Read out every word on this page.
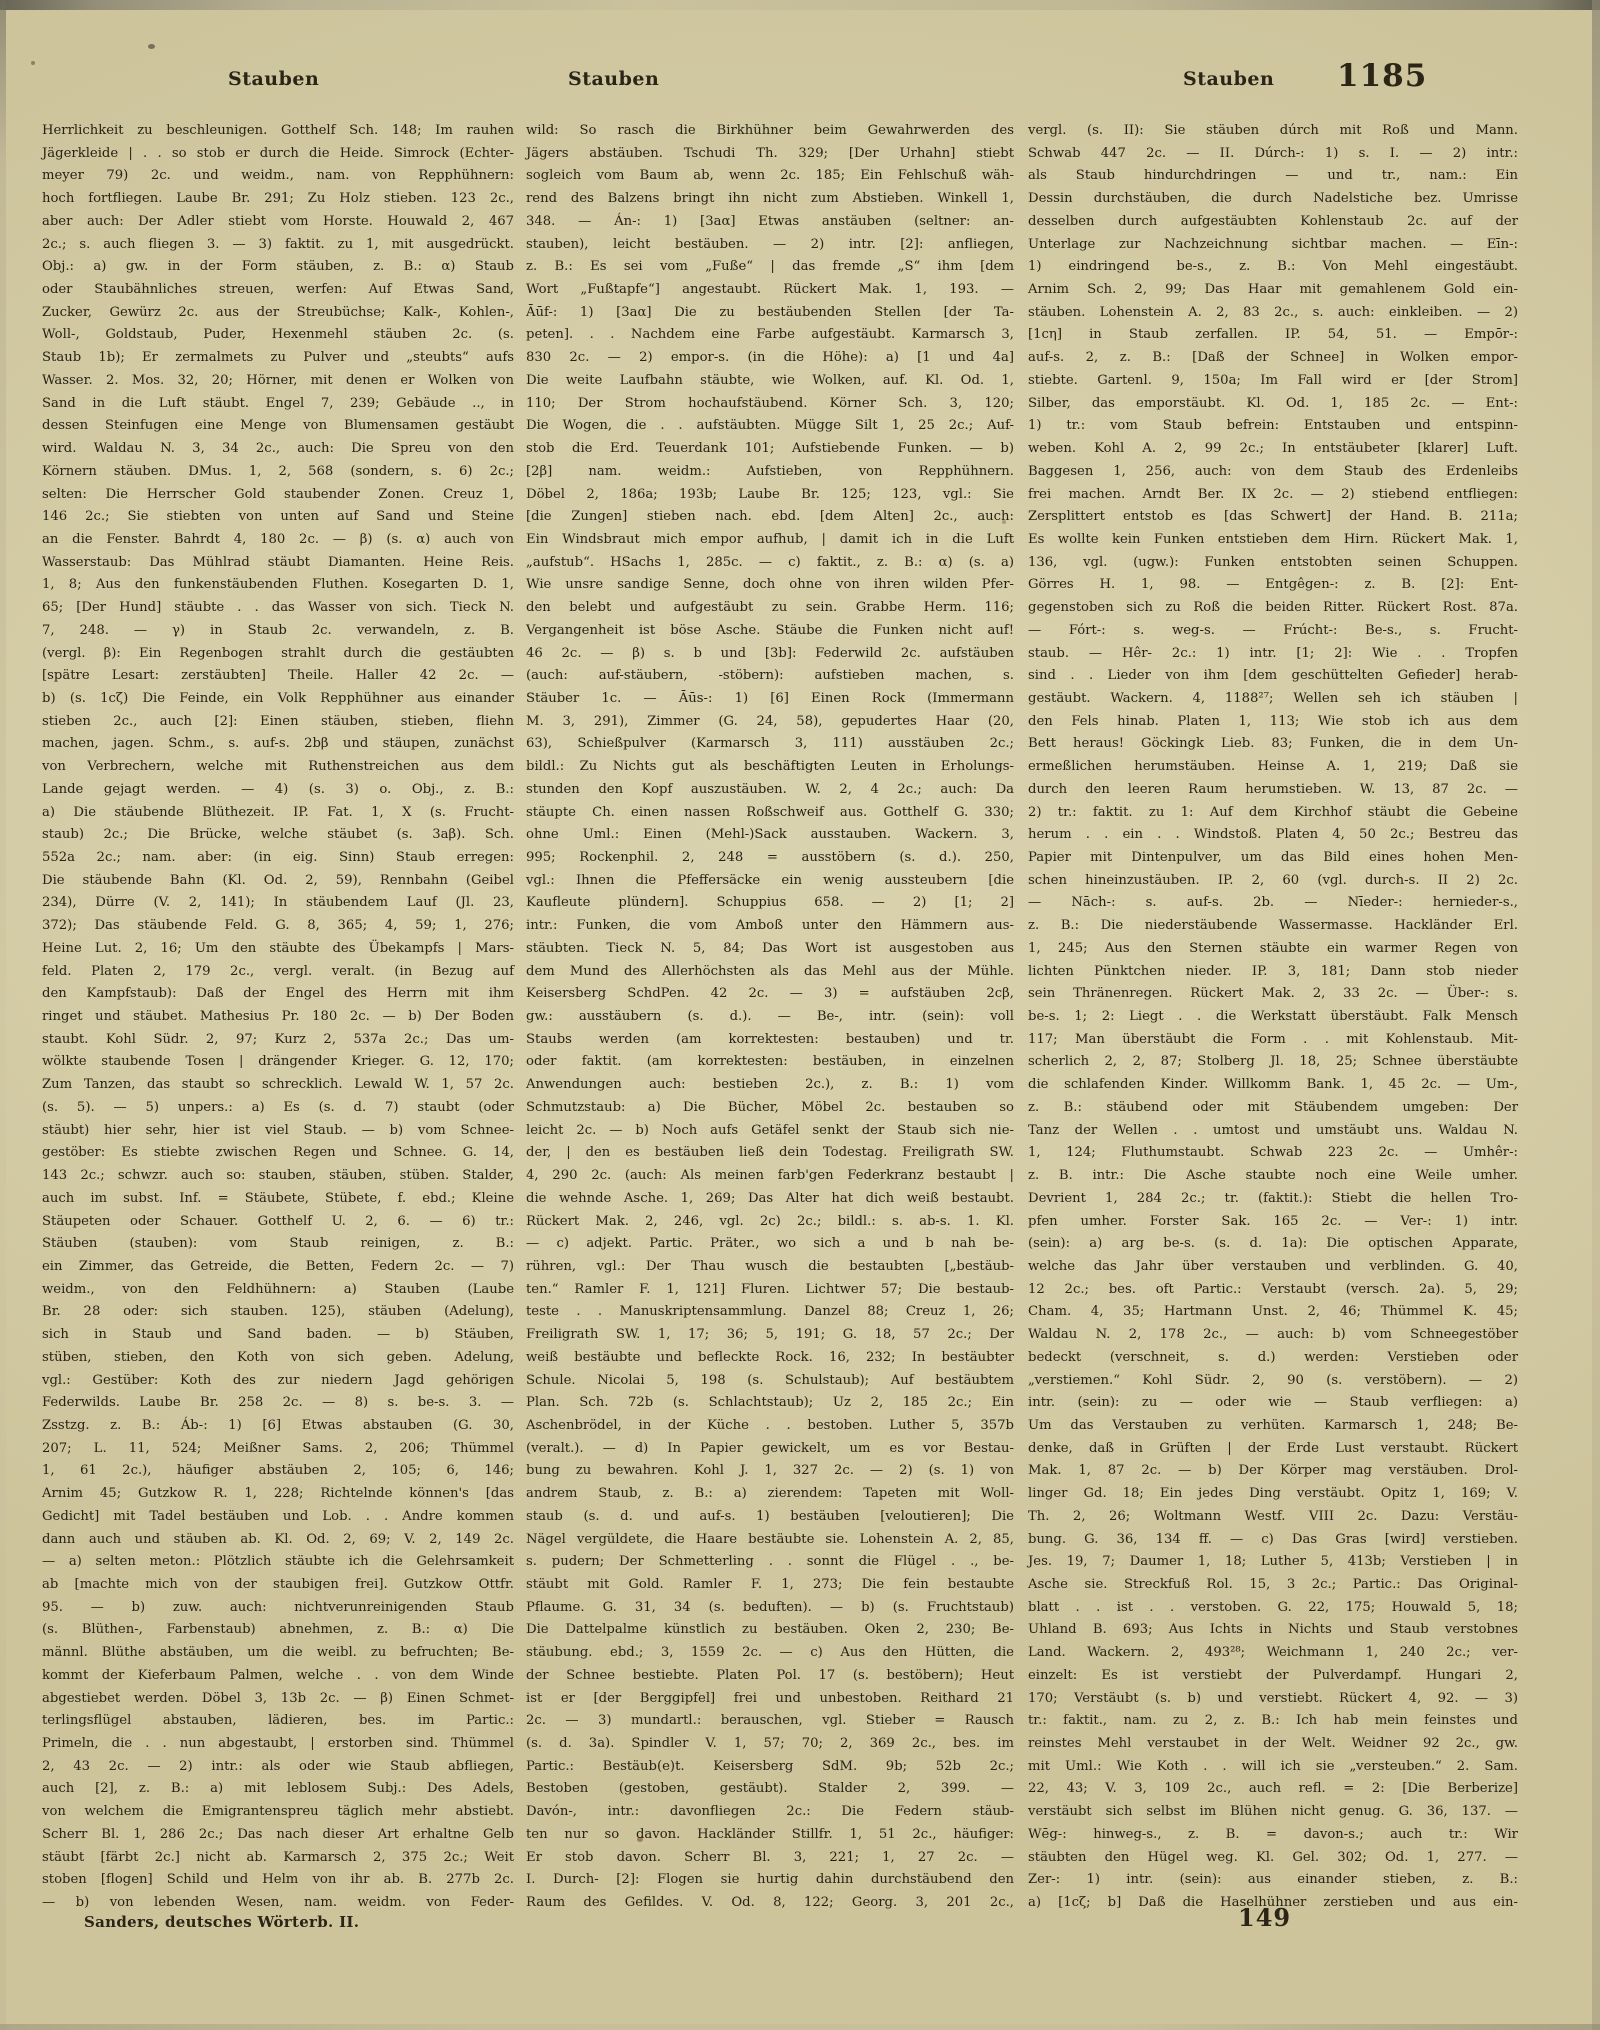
Stauben	Stauben	Stauben 1185
Herrlichkeit zu beschleunigen. Gotthelf Sch. 148; Im rauhen
Jägerkleide | . . so stob er durch die Heide. Simrock (Echter-
meyer 79) 2c. und weidm., nam. von Repphühnern:
hoch fortfliegen. Laube Br. 291; Zu Holz stieben. 123 2c.,
aber auch: Der Adler stiebt vom Horste. Houwald 2, 467
2c.; s. auch fliegen 3. — 3) faktit. zu 1, mit ausgedrückt.
Obj.: a) gw. in der Form stäuben, z. B.: α) Staub
oder Staubähnliches streuen, werfen: Auf Etwas Sand,
Zucker, Gewürz 2c. aus der Streubüchse; Kalk-, Kohlen-,
Woll-, Goldstaub, Puder, Hexenmehl stäuben 2c. (s.
Staub 1b); Er zermalmets zu Pulver und „steubts“ aufs
Wasser. 2. Mos. 32, 20; Hörner, mit denen er Wolken von
Sand in die Luft stäubt. Engel 7, 239; Gebäude .., in
dessen Steinfugen eine Menge von Blumensamen gestäubt
wird. Waldau N. 3, 34 2c., auch: Die Spreu von den
Körnern stäuben. DMus. 1, 2, 568 (sondern, s. 6) 2c.;
selten: Die Herrscher Gold staubender Zonen. Creuz 1,
146 2c.; Sie stiebten von unten auf Sand und Steine
an die Fenster. Bahrdt 4, 180 2c. — β) (s. α) auch von
Wasserstaub: Das Mühlrad stäubt Diamanten. Heine Reis.
1, 8; Aus den funkenstäubenden Fluthen. Kosegarten D. 1,
65; [Der Hund] stäubte . . das Wasser von sich. Tieck N.
7, 248. — γ) in Staub 2c. verwandeln, z. B.
(vergl. β): Ein Regenbogen strahlt durch die gestäubten
[spätre Lesart: zerstäubten] Theile. Haller 42 2c. —
b) (s. 1cζ) Die Feinde, ein Volk Repphühner aus einander
stieben 2c., auch [2]: Einen stäuben, stieben, fliehn
machen, jagen. Schm., s. auf-s. 2bβ und stäupen, zunächst
von Verbrechern, welche mit Ruthenstreichen aus dem
Lande gejagt werden. — 4) (s. 3) o. Obj., z. B.:
a) Die stäubende Blüthezeit. IP. Fat. 1, X (s. Frucht-
staub) 2c.; Die Brücke, welche stäubet (s. 3aβ). Sch.
552a 2c.; nam. aber: (in eig. Sinn) Staub erregen:
Die stäubende Bahn (Kl. Od. 2, 59), Rennbahn (Geibel
234), Dürre (V. 2, 141); In stäubendem Lauf (Jl. 23,
372); Das stäubende Feld. G. 8, 365; 4, 59; 1, 276;
Heine Lut. 2, 16; Um den stäubte des Übekampfs | Mars-
feld. Platen 2, 179 2c., vergl. veralt. (in Bezug auf
den Kampfstaub): Daß der Engel des Herrn mit ihm
ringet und stäubet. Mathesius Pr. 180 2c. — b) Der Boden
staubt. Kohl Südr. 2, 97; Kurz 2, 537a 2c.; Das um-
wölkte staubende Tosen | drängender Krieger. G. 12, 170;
Zum Tanzen, das staubt so schrecklich. Lewald W. 1, 57 2c.
(s. 5). — 5) unpers.: a) Es (s. d. 7) staubt (oder
stäubt) hier sehr, hier ist viel Staub. — b) vom Schnee-
gestöber: Es stiebte zwischen Regen und Schnee. G. 14,
143 2c.; schwzr. auch so: stauben, stäuben, stüben. Stalder,
auch im subst. Inf. = Stäubete, Stübete, f. ebd.; Kleine
Stäupeten oder Schauer. Gotthelf U. 2, 6. — 6) tr.:
Stäuben (stauben): vom Staub reinigen, z. B.:
ein Zimmer, das Getreide, die Betten, Federn 2c. — 7)
weidm., von den Feldhühnern: a) Stauben (Laube
Br. 28 oder: sich stauben. 125), stäuben (Adelung),
sich in Staub und Sand baden. — b) Stäuben,
stüben, stieben, den Koth von sich geben. Adelung,
vgl.: Gestüber: Koth des zur niedern Jagd gehörigen
Federwilds. Laube Br. 258 2c. — 8) s. be-s. 3. —
Zsstzg. z. B.: Áb-: 1) [6] Etwas abstauben (G. 30,
207; L. 11, 524; Meißner Sams. 2, 206; Thümmel
1, 61 2c.), häufiger abstäuben 2, 105; 6, 146;
Arnim 45; Gutzkow R. 1, 228; Richtelnde können's [das
Gedicht] mit Tadel bestäuben und Lob. . . Andre kommen
dann auch und stäuben ab. Kl. Od. 2, 69; V. 2, 149 2c.
— a) selten meton.: Plötzlich stäubte ich die Gelehrsamkeit
ab [machte mich von der staubigen frei]. Gutzkow Ottfr.
95. — b) zuw. auch: nichtverunreinigenden Staub
(s. Blüthen-, Farbenstaub) abnehmen, z. B.: α) Die
männl. Blüthe abstäuben, um die weibl. zu befruchten; Be-
kommt der Kieferbaum Palmen, welche . . von dem Winde
abgestiebet werden. Döbel 3, 13b 2c. — β) Einen Schmet-
terlingsflügel abstauben, lädieren, bes. im Partic.:
Primeln, die . . nun abgestaubt, | erstorben sind. Thümmel
2, 43 2c. — 2) intr.: als oder wie Staub abfliegen,
auch [2], z. B.: a) mit leblosem Subj.: Des Adels,
von welchem die Emigrantenspreu täglich mehr abstiebt.
Scherr Bl. 1, 286 2c.; Das nach dieser Art erhaltne Gelb
stäubt [färbt 2c.] nicht ab. Karmarsch 2, 375 2c.; Weit
stoben [flogen] Schild und Helm von ihr ab. B. 277b 2c.
— b) von lebenden Wesen, nam. weidm. von Feder-
wild: So rasch die Birkhühner beim Gewahrwerden des
Jägers abstäuben. Tschudi Th. 329; [Der Urhahn] stiebt
sogleich vom Baum ab, wenn 2c. 185; Ein Fehlschuß wäh-
rend des Balzens bringt ihn nicht zum Abstieben. Winkell 1,
348. — Án-: 1) [3aα] Etwas anstäuben (seltner: an-
stauben), leicht bestäuben. — 2) intr. [2]: anfliegen,
z. B.: Es sei vom „Fuße“ | das fremde „S“ ihm [dem
Wort „Fußtapfe“] angestaubt. Rückert Mak. 1, 193. —
Āūf-: 1) [3aα] Die zu bestäubenden Stellen [der Ta-
peten]. . . Nachdem eine Farbe aufgestäubt. Karmarsch 3,
830 2c. — 2) empor-s. (in die Höhe): a) [1 und 4a]
Die weite Laufbahn stäubte, wie Wolken, auf. Kl. Od. 1,
110; Der Strom hochaufstäubend. Körner Sch. 3, 120;
Die Wogen, die . . aufstäubten. Mügge Silt 1, 25 2c.; Auf-
stob die Erd. Teuerdank 101; Aufstiebende Funken. — b)
[2β] nam. weidm.: Aufstieben, von Repphühnern.
Döbel 2, 186a; 193b; Laube Br. 125; 123, vgl.: Sie
[die Zungen] stieben nach. ebd. [dem Alten] 2c., auch:
Ein Windsbraut mich empor aufhub, | damit ich in die Luft
„aufstub“. HSachs 1, 285c. — c) faktit., z. B.: α) (s. a)
Wie unsre sandige Senne, doch ohne von ihren wilden Pfer-
den belebt und aufgestäubt zu sein. Grabbe Herm. 116;
Vergangenheit ist böse Asche. Stäube die Funken nicht auf!
46 2c. — β) s. b und [3b]: Federwild 2c. aufstäuben
(auch: auf-stäubern, -stöbern): aufstieben machen, s.
Stäuber 1c. — Āūs-: 1) [6] Einen Rock (Immermann
M. 3, 291), Zimmer (G. 24, 58), gepudertes Haar (20,
63), Schießpulver (Karmarsch 3, 111) ausstäuben 2c.;
bildl.: Zu Nichts gut als beschäftigten Leuten in Erholungs-
stunden den Kopf auszustäuben. W. 2, 4 2c.; auch: Da
stäupte Ch. einen nassen Roßschweif aus. Gotthelf G. 330;
ohne Uml.: Einen (Mehl-)Sack ausstauben. Wackern. 3,
995; Rockenphil. 2, 248 = ausstöbern (s. d.). 250,
vgl.: Ihnen die Pfeffersäcke ein wenig aussteubern [die
Kaufleute plündern]. Schuppius 658. — 2) [1; 2]
intr.: Funken, die vom Amboß unter den Hämmern aus-
stäubten. Tieck N. 5, 84; Das Wort ist ausgestoben aus
dem Mund des Allerhöchsten als das Mehl aus der Mühle.
Keisersberg SchdPen. 42 2c. — 3) = aufstäuben 2cβ,
gw.: ausstäubern (s. d.). — Be-, intr. (sein): voll
Staubs werden (am korrektesten: bestauben) und tr.
oder faktit. (am korrektesten: bestäuben, in einzelnen
Anwendungen auch: bestieben 2c.), z. B.: 1) vom
Schmutzstaub: a) Die Bücher, Möbel 2c. bestauben so
leicht 2c. — b) Noch aufs Getäfel senkt der Staub sich nie-
der, | den es bestäuben ließ dein Todestag. Freiligrath SW.
4, 290 2c. (auch: Als meinen farb'gen Federkranz bestaubt |
die wehnde Asche. 1, 269; Das Alter hat dich weiß bestaubt.
Rückert Mak. 2, 246, vgl. 2c) 2c.; bildl.: s. ab-s. 1. Kl.
— c) adjekt. Partic. Präter., wo sich a und b nah be-
rühren, vgl.: Der Thau wusch die bestaubten [„bestäub-
ten.“ Ramler F. 1, 121] Fluren. Lichtwer 57; Die bestaub-
teste . . Manuskriptensammlung. Danzel 88; Creuz 1, 26;
Freiligrath SW. 1, 17; 36; 5, 191; G. 18, 57 2c.; Der
weiß bestäubte und befleckte Rock. 16, 232; In bestäubter
Schule. Nicolai 5, 198 (s. Schulstaub); Auf bestäubtem
Plan. Sch. 72b (s. Schlachtstaub); Uz 2, 185 2c.; Ein
Aschenbrödel, in der Küche . . bestoben. Luther 5, 357b
(veralt.). — d) In Papier gewickelt, um es vor Bestau-
bung zu bewahren. Kohl J. 1, 327 2c. — 2) (s. 1) von
andrem Staub, z. B.: a) zierendem: Tapeten mit Woll-
staub (s. d. und auf-s. 1) bestäuben [veloutieren]; Die
Nägel vergüldete, die Haare bestäubte sie. Lohenstein A. 2, 85,
s. pudern; Der Schmetterling . . sonnt die Flügel . ., be-
stäubt mit Gold. Ramler F. 1, 273; Die fein bestaubte
Pflaume. G. 31, 34 (s. beduften). — b) (s. Fruchtstaub)
Die Dattelpalme künstlich zu bestäuben. Oken 2, 230; Be-
stäubung. ebd.; 3, 1559 2c. — c) Aus den Hütten, die
der Schnee bestiebte. Platen Pol. 17 (s. bestöbern); Heut
ist er [der Berggipfel] frei und unbestoben. Reithard 21
2c. — 3) mundartl.: berauschen, vgl. Stieber = Rausch
(s. d. 3a). Spindler V. 1, 57; 70; 2, 369 2c., bes. im
Partic.: Bestäub(e)t. Keisersberg SdM. 9b; 52b 2c.;
Bestoben (gestoben, gestäubt). Stalder 2, 399. —
Davón-, intr.: davonfliegen 2c.: Die Federn stäub-
ten nur so davon. Hackländer Stillfr. 1, 51 2c., häufiger:
Er stob davon. Scherr Bl. 3, 221; 1, 27 2c. —
I. Durch- [2]: Flogen sie hurtig dahin durchstäubend den
Raum des Gefildes. V. Od. 8, 122; Georg. 3, 201 2c.,
vergl. (s. II): Sie stäuben dúrch mit Roß und Mann.
Schwab 447 2c. — II. Dúrch-: 1) s. I. — 2) intr.:
als Staub hindurchdringen — und tr., nam.: Ein
Dessin durchstäuben, die durch Nadelstiche bez. Umrisse
desselben durch aufgestäubten Kohlenstaub 2c. auf der
Unterlage zur Nachzeichnung sichtbar machen. — Eīn-:
1) eindringend be-s., z. B.: Von Mehl eingestäubt.
Arnim Sch. 2, 99; Das Haar mit gemahlenem Gold ein-
stäuben. Lohenstein A. 2, 83 2c., s. auch: einkleiben. — 2)
[1cη] in Staub zerfallen. IP. 54, 51. — Empōr-:
auf-s. 2, z. B.: [Daß der Schnee] in Wolken empor-
stiebte. Gartenl. 9, 150a; Im Fall wird er [der Strom]
Silber, das emporstäubt. Kl. Od. 1, 185 2c. — Ent-:
1) tr.: vom Staub befrein: Entstauben und entspinn-
weben. Kohl A. 2, 99 2c.; In entstäubeter [klarer] Luft.
Baggesen 1, 256, auch: von dem Staub des Erdenleibs
frei machen. Arndt Ber. IX 2c. — 2) stiebend entfliegen:
Zersplittert entstob es [das Schwert] der Hand. B. 211a;
Es wollte kein Funken entstieben dem Hirn. Rückert Mak. 1,
136, vgl. (ugw.): Funken entstobten seinen Schuppen.
Görres H. 1, 98. — Entgêgen-: z. B. [2]: Ent-
gegenstoben sich zu Roß die beiden Ritter. Rückert Rost. 87a.
— Fórt-: s. weg-s. — Frúcht-: Be-s., s. Frucht-
staub. — Hêr- 2c.: 1) intr. [1; 2]: Wie . . Tropfen
sind . . Lieder von ihm [dem geschüttelten Gefieder] herab-
gestäubt. Wackern. 4, 1188²⁷; Wellen seh ich stäuben |
den Fels hinab. Platen 1, 113; Wie stob ich aus dem
Bett heraus! Göckingk Lieb. 83; Funken, die in dem Un-
ermeßlichen herumstäuben. Heinse A. 1, 219; Daß sie
durch den leeren Raum herumstieben. W. 13, 87 2c. —
2) tr.: faktit. zu 1: Auf dem Kirchhof stäubt die Gebeine
herum . . ein . . Windstoß. Platen 4, 50 2c.; Bestreu das
Papier mit Dintenpulver, um das Bild eines hohen Men-
schen hineinzustäuben. IP. 2, 60 (vgl. durch-s. II 2) 2c.
— Nāch-: s. auf-s. 2b. — Nīeder-: hernieder-s.,
z. B.: Die niederstäubende Wassermasse. Hackländer Erl.
1, 245; Aus den Sternen stäubte ein warmer Regen von
lichten Pünktchen nieder. IP. 3, 181; Dann stob nieder
sein Thränenregen. Rückert Mak. 2, 33 2c. — Über-: s.
be-s. 1; 2: Liegt . . die Werkstatt überstäubt. Falk Mensch
117; Man überstäubt die Form . . mit Kohlenstaub. Mit-
scherlich 2, 2, 87; Stolberg Jl. 18, 25; Schnee überstäubte
die schlafenden Kinder. Willkomm Bank. 1, 45 2c. — Um-,
z. B.: stäubend oder mit Stäubendem umgeben: Der
Tanz der Wellen . . umtost und umstäubt uns. Waldau N.
1, 124; Fluthumstaubt. Schwab 223 2c. — Umhêr-:
z. B. intr.: Die Asche staubte noch eine Weile umher.
Devrient 1, 284 2c.; tr. (faktit.): Stiebt die hellen Tro-
pfen umher. Forster Sak. 165 2c. — Ver-: 1) intr.
(sein): a) arg be-s. (s. d. 1a): Die optischen Apparate,
welche das Jahr über verstauben und verblinden. G. 40,
12 2c.; bes. oft Partic.: Verstaubt (versch. 2a). 5, 29;
Cham. 4, 35; Hartmann Unst. 2, 46; Thümmel K. 45;
Waldau N. 2, 178 2c., — auch: b) vom Schneegestöber
bedeckt (verschneit, s. d.) werden: Verstieben oder
„verstiemen.“ Kohl Südr. 2, 90 (s. verstöbern). — 2)
intr. (sein): zu — oder wie — Staub verfliegen: a)
Um das Verstauben zu verhüten. Karmarsch 1, 248; Be-
denke, daß in Grüften | der Erde Lust verstaubt. Rückert
Mak. 1, 87 2c. — b) Der Körper mag verstäuben. Drol-
linger Gd. 18; Ein jedes Ding verstäubt. Opitz 1, 169; V.
Th. 2, 26; Woltmann Westf. VIII 2c. Dazu: Verstäu-
bung. G. 36, 134 ff. — c) Das Gras [wird] verstieben.
Jes. 19, 7; Daumer 1, 18; Luther 5, 413b; Verstieben | in
Asche sie. Streckfuß Rol. 15, 3 2c.; Partic.: Das Original-
blatt . . ist . . verstoben. G. 22, 175; Houwald 5, 18;
Uhland B. 693; Aus Ichts in Nichts und Staub verstobnes
Land. Wackern. 2, 493²⁸; Weichmann 1, 240 2c.; ver-
einzelt: Es ist verstiebt der Pulverdampf. Hungari 2,
170; Verstäubt (s. b) und verstiebt. Rückert 4, 92. — 3)
tr.: faktit., nam. zu 2, z. B.: Ich hab mein feinstes und
reinstes Mehl verstaubet in der Welt. Weidner 92 2c., gw.
mit Uml.: Wie Koth . . will ich sie „versteuben.“ 2. Sam.
22, 43; V. 3, 109 2c., auch refl. = 2: [Die Berberize]
verstäubt sich selbst im Blühen nicht genug. G. 36, 137. —
Wēg-: hinweg-s., z. B. = davon-s.; auch tr.: Wir
stäubten den Hügel weg. Kl. Gel. 302; Od. 1, 277. —
Zer-: 1) intr. (sein): aus einander stieben, z. B.:
a) [1cζ; b] Daß die Haselhühner zerstieben und aus ein-
Sanders, deutsches Wörterb. II.	149
